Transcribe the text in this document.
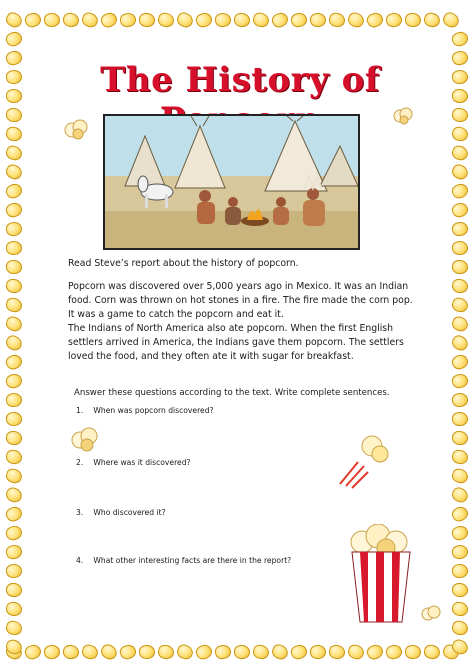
The History of
Read Steve’s report about the history of popcorn.
Popcorn was discovered over 5,000 years ago in Mexico. It was an Indian food. Corn was thrown on hot stones in a fire. The fire made the corn pop. It was a game to catch the popcorn and eat it.
The Indians of North America also ate popcorn. When the first English settlers arrived in America, the Indians gave them popcorn. The settlers loved the food, and they often ate it with sugar for breakfast.
Answer these questions according to the text. Write complete sentences.
1. When was popcorn discovered?
2. Where was it discovered?
3. Who discovered it?
4. What other interesting facts are there in the report?
